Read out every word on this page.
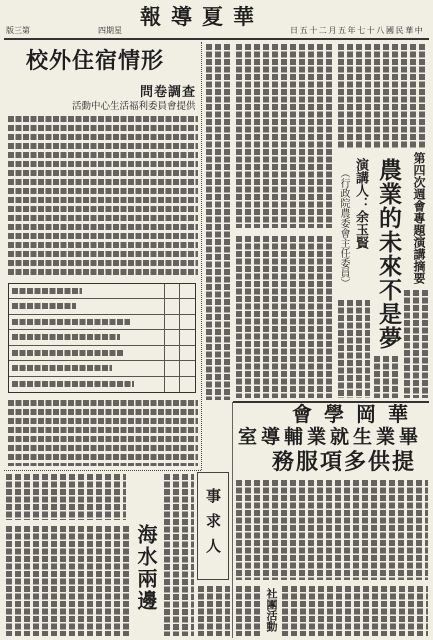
版三第	四期星
報導夏華
日五十二月五年七十八國民華中
校外住宿情形
問卷調查
活動中心生活福利委員會提供
第四次週會專題演講摘要
農業的未來不是夢
演講人：余玉賢
（行政院農委會主任委員）
會學岡華
室導輔業就生業畢
務服項多供提
社團活動
海水兩邊	事求人
